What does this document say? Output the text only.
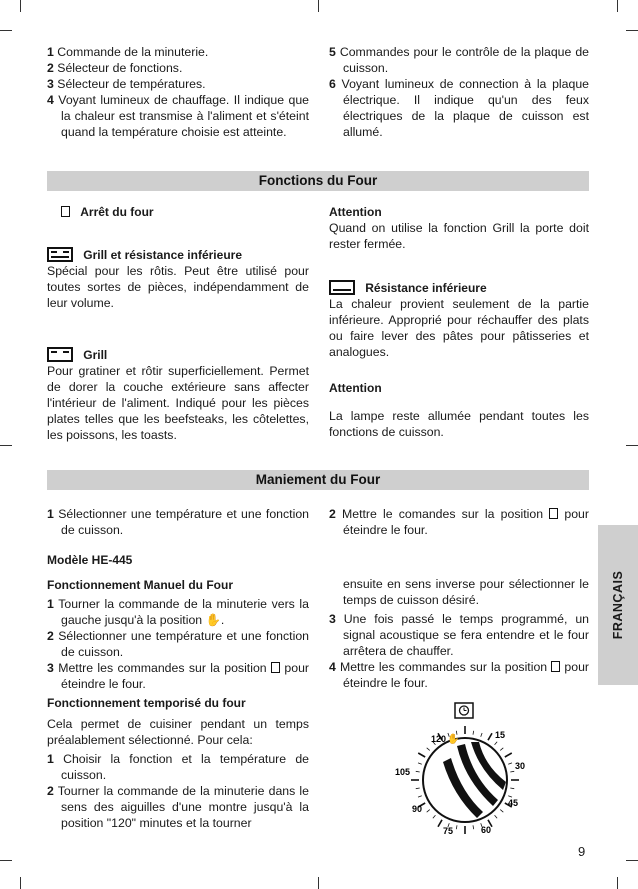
1 Commande de la minuterie.

2 Sélecteur de fonctions.

3 Sélecteur de températures.

4 Voyant lumineux de chauffage. Il indique que la chaleur est transmise à l'aliment et s'éteint quand la température choisie est atteinte.

5 Commandes pour le contrôle de la plaque de cuisson.

6 Voyant lumineux de connection à la plaque électrique. Il indique qu'un des feux électriques de la plaque de cuisson est allumé.

Fonctions du Four

Arrêt du four

Grill et résistance inférieure

Spécial pour les rôtis. Peut être utilisé pour toutes sortes de pièces, indépendamment de leur volume.

Grill

Pour gratiner et rôtir superficiellement. Permet de dorer la couche extérieure sans affecter l'intérieur de l'aliment. Indiqué pour les pièces plates telles que les beefsteaks, les côtelettes, les poissons, les toasts.

Attention

Quand on utilise la fonction Grill la porte doit rester fermée.

Résistance inférieure

La chaleur provient seulement de la partie inférieure. Approprié pour réchauffer des plats ou faire lever des pâtes pour pâtisseries et analogues.

Attention

La lampe reste allumée pendant toutes les fonctions de cuisson.

Maniement du Four

1 Sélectionner une température et une fonction de cuisson.

Modèle HE-445

Fonctionnement Manuel du Four

1 Tourner la commande de la minuterie vers la gauche jusqu'à la position ✋.

2 Sélectionner une température et une fonction de cuisson.

3 Mettre les commandes sur la position pour éteindre le four.

Fonctionnement temporisé du four

Cela permet de cuisiner pendant un temps préalablement sélectionné. Pour cela:

1 Choisir la fonction et la température de cuisson.

2 Tourner la commande de la minuterie dans le sens des aiguilles d'une montre jusqu'à la position "120" minutes et la tourner

2 Mettre le comandes sur la position pour éteindre le four.

ensuite en sens inverse pour sélectionner le temps de cuisson désiré.

3 Une fois passé le temps programmé, un signal acoustique se fera entendre et le four arrêtera de chauffer.

4 Mettre les commandes sur la position pour éteindre le four.

120 ✋	15
30
45
60
75
90
105
FRANÇAIS
9
